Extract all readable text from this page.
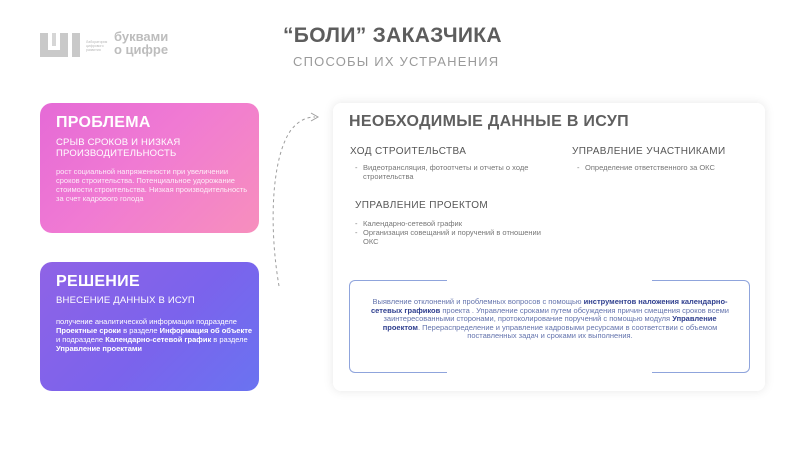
Лаборатория цифрового развития
буквами
о цифре
“БОЛИ” ЗАКАЗЧИКА
СПОСОБЫ ИХ УСТРАНЕНИЯ
ПРОБЛЕМА
СРЫВ СРОКОВ И НИЗКАЯ ПРОИЗВОДИТЕЛЬНОСТЬ
рост социальной напряженности при увеличении сроков строительства. Потенциальное удорожание стоимости строительства. Низкая производительность за счет кадрового голода
РЕШЕНИЕ
ВНЕСЕНИЕ ДАННЫХ В ИСУП
получение аналитической информации подразделе Проектные сроки в разделе Информация об объекте и подразделе Календарно-сетевой график в разделе Управление проектами
НЕОБХОДИМЫЕ ДАННЫЕ В ИСУП
ХОД СТРОИТЕЛЬСТВА
- Видеотрансляция, фотоотчеты и отчеты о ходе строительства
УПРАВЛЕНИЕ УЧАСТНИКАМИ
- Определение ответственного за ОКС
УПРАВЛЕНИЕ ПРОЕКТОМ
- Календарно-сетевой график
- Организация совещаний и поручений в отношении ОКС
Выявление отклонений и проблемных вопросов с помощью инструментов наложения календарно-сетевых графиков проекта . Управление сроками путем обсуждения причин смещения сроков всеми заинтересованными сторонами, протоколирование поручений с помощью модуля Управление проектом. Перераспределение и управление кадровыми ресурсами в соответствии с объемом поставленных задач и сроками их выполнения.
